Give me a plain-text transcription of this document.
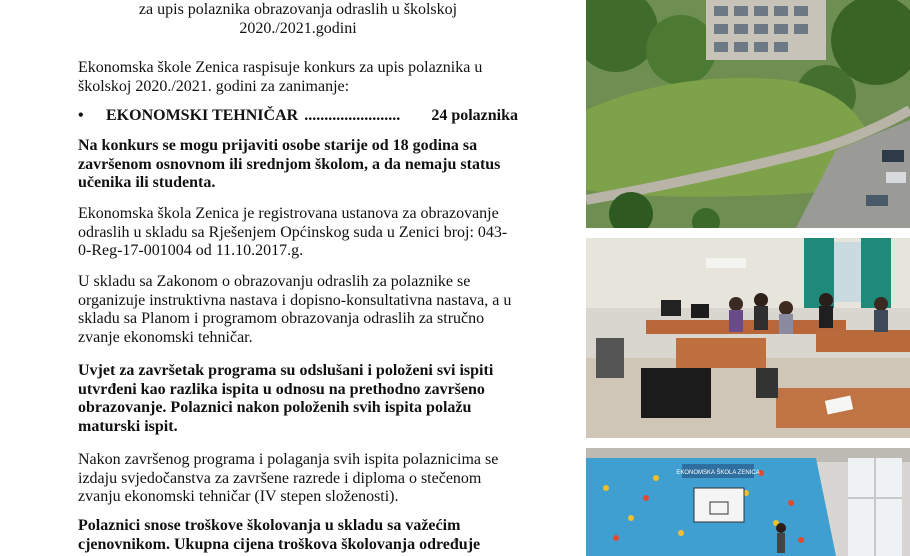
za upis polaznika obrazovanja odraslih u školskoj
2020./2021.godini

Ekonomska škole Zenica raspisuje konkurs za upis polaznika u školskoj 2020./2021. godini za zanimanje:

•	EKONOMSKI TEHNIČAR ........................	24 polaznika

Na konkurs se mogu prijaviti osobe starije od 18 godina sa završenom osnovnom ili srednjom školom, a da nemaju status učenika ili studenta.

Ekonomska škola Zenica je registrovana ustanova za obrazovanje odraslih u skladu sa Rješenjem Općinskog suda u Zenici broj: 043-0-Reg-17-001004 od 11.10.2017.g.

U skladu sa Zakonom o obrazovanju odraslih za polaznike se organizuje instruktivna nastava i dopisno-konsultativna nastava, a u skladu sa Planom i programom obrazovanja odraslih za stručno zvanje ekonomski tehničar.

Uvjet za završetak programa su odslušani i položeni svi ispiti utvrđeni kao razlika ispita u odnosu na prethodno završeno obrazovanje. Polaznici nakon položenih svih ispita polažu maturski ispit.

Nakon završenog programa i polaganja svih ispita polaznicima se izdaju svjedočanstva za završene razrede i diploma o stečenom zvanju ekonomski tehničar (IV stepen složenosti).

Polaznici snose troškove školovanja u skladu sa važećim cjenovnikom. Ukupna cijena troškova školovanja određuje

EKONOMSKA ŠKOLA ZENICA
